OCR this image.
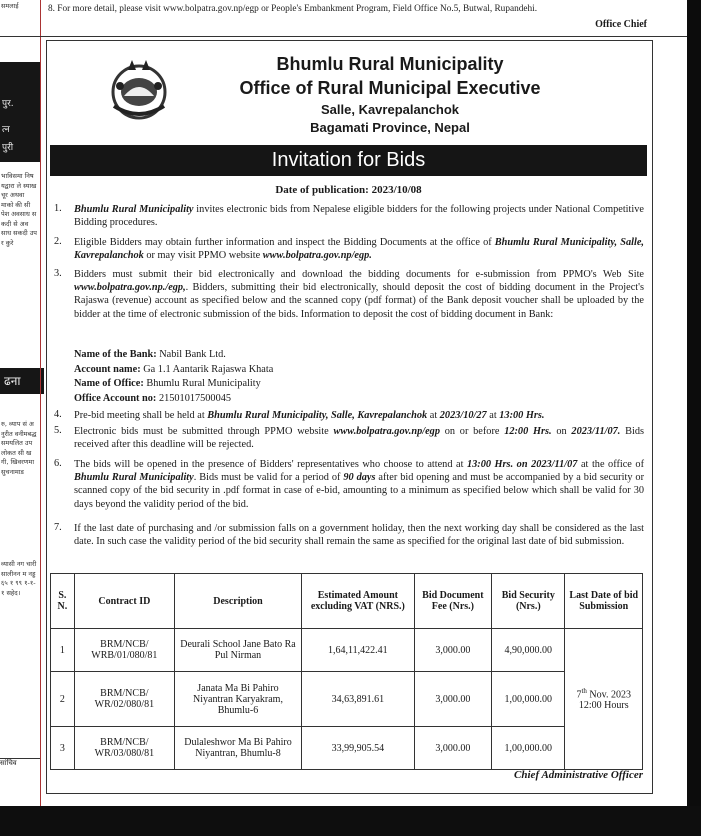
समलाई
पुर.
त्न
पुरी
भाविसमा निषयद्वारा ले स्याख चूर अथवा माको की सी पेश अवसाध सकदी से अवसाध सकदी उपर कुरे
ढना
रु, व्याप सं अनुरीत वनीमबद्ध समयलित उपलोकत सी खगी, खिवरणमा सुचनामाड
व्यासी नग चारी सालीनन म नड्ड ६५ १ ९९ १-१-१ सहेद।
सांचिव
8. For more detail, please visit www.bolpatra.gov.np/egp or People's Embankment Program, Field Office No.5, Butwal, Rupandehi.
Office Chief
Bhumlu Rural Municipality
Office of Rural Municipal Executive
Salle, Kavrepalanchok
Bagamati Province, Nepal
Invitation for Bids
Date of publication: 2023/10/08
1. Bhumlu Rural Municipality invites electronic bids from Nepalese eligible bidders for the following projects under National Competitive Bidding procedures.
2. Eligible Bidders may obtain further information and inspect the Bidding Documents at the office of Bhumlu Rural Municipality, Salle, Kavrepalanchok or may visit PPMO website www.bolpatra.gov.np/egp.
3. Bidders must submit their bid electronically and download the bidding documents for e-submission from PPMO's Web Site www.bolpatra.gov.np./egp,. Bidders, submitting their bid electronically, should deposit the cost of bidding document in the Project's Rajaswa (revenue) account as specified below and the scanned copy (pdf format) of the Bank deposit voucher shall be uploaded by the bidder at the time of electronic submission of the bids. Information to deposit the cost of bidding document in Bank:
Name of the Bank: Nabil Bank Ltd.
Account name: Ga 1.1 Aantarik Rajaswa Khata
Name of Office: Bhumlu Rural Municipality
Office Account no: 21501017500045
4. Pre-bid meeting shall be held at Bhumlu Rural Municipality, Salle, Kavrepalanchok at 2023/10/27 at 13:00 Hrs.
5. Electronic bids must be submitted through PPMO website www.bolpatra.gov.np/egp on or before 12:00 Hrs. on 2023/11/07. Bids received after this deadline will be rejected.
6. The bids will be opened in the presence of Bidders' representatives who choose to attend at 13:00 Hrs. on 2023/11/07 at the office of Bhumlu Rural Municipality. Bids must be valid for a period of 90 days after bid opening and must be accompanied by a bid security or scanned copy of the bid security in .pdf format in case of e-bid, amounting to a minimum as specified below which shall be valid for 30 days beyond the validity period of the bid.
7. If the last date of purchasing and /or submission falls on a government holiday, then the next working day shall be considered as the last date. In such case the validity period of the bid security shall remain the same as specified for the original last date of bid submission.
S. N.	Contract ID	Description	Estimated Amount excluding VAT (NRS.)	Bid Document Fee (Nrs.)	Bid Security (Nrs.)	Last Date of bid Submission
1	BRM/NCB/ WRB/01/080/81	Deurali School Jane Bato Ra Pul Nirman	1,64,11,422.41	3,000.00	4,90,000.00	7th Nov. 2023
12:00 Hours

2	BRM/NCB/ WR/02/080/81	Janata Ma Bi Pahiro Niyantran Karyakram, Bhumlu-6	34,63,891.61	3,000.00	1,00,000.00	
3	BRM/NCB/ WR/03/080/81	Dulaleshwor Ma Bi Pahiro Niyantran, Bhumlu-8	33,99,905.54	3,000.00	1,00,000.00	
Chief Administrative Officer
